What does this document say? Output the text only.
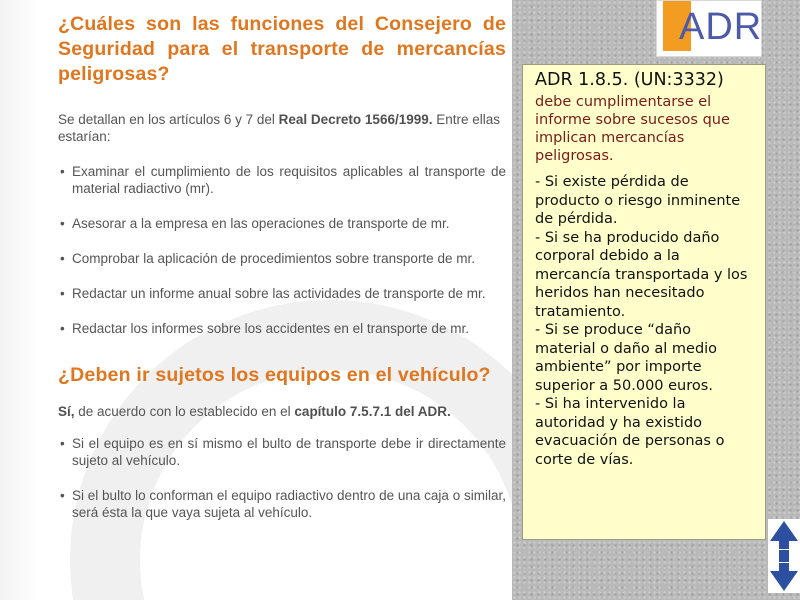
¿Cuáles son las funciones del Consejero de Seguridad para el transporte de mercancías peligrosas?
Se detallan en los artículos 6 y 7 del Real Decreto 1566/1999. Entre ellas estarían:
• Examinar el cumplimiento de los requisitos aplicables al transporte de material radiactivo (mr).
• Asesorar a la empresa en las operaciones de transporte de mr.
• Comprobar la aplicación de procedimientos sobre transporte de mr.
• Redactar un informe anual sobre las actividades de transporte de mr.
• Redactar los informes sobre los accidentes en el transporte de mr.
¿Deben ir sujetos los equipos en el vehículo?
Sí, de acuerdo con lo establecido en el capítulo 7.5.7.1 del ADR.
• Si el equipo es en sí mismo el bulto de transporte debe ir directamente sujeto al vehículo.
• Si el bulto lo conforman el equipo radiactivo dentro de una caja o similar, será ésta la que vaya sujeta al vehículo.
ADR

ADR 1.8.5. (UN:3332)

debe cumplimentarse el informe sobre sucesos que implican mercancías peligrosas.

- Si existe pérdida de producto o riesgo inminente de pérdida.
- Si se ha producido daño corporal debido a la mercancía transportada y los heridos han necesitado tratamiento.
- Si se produce “daño material o daño al medio ambiente” por importe superior a 50.000 euros.
- Si ha intervenido la autoridad y ha existido evacuación de personas o corte de vías.
